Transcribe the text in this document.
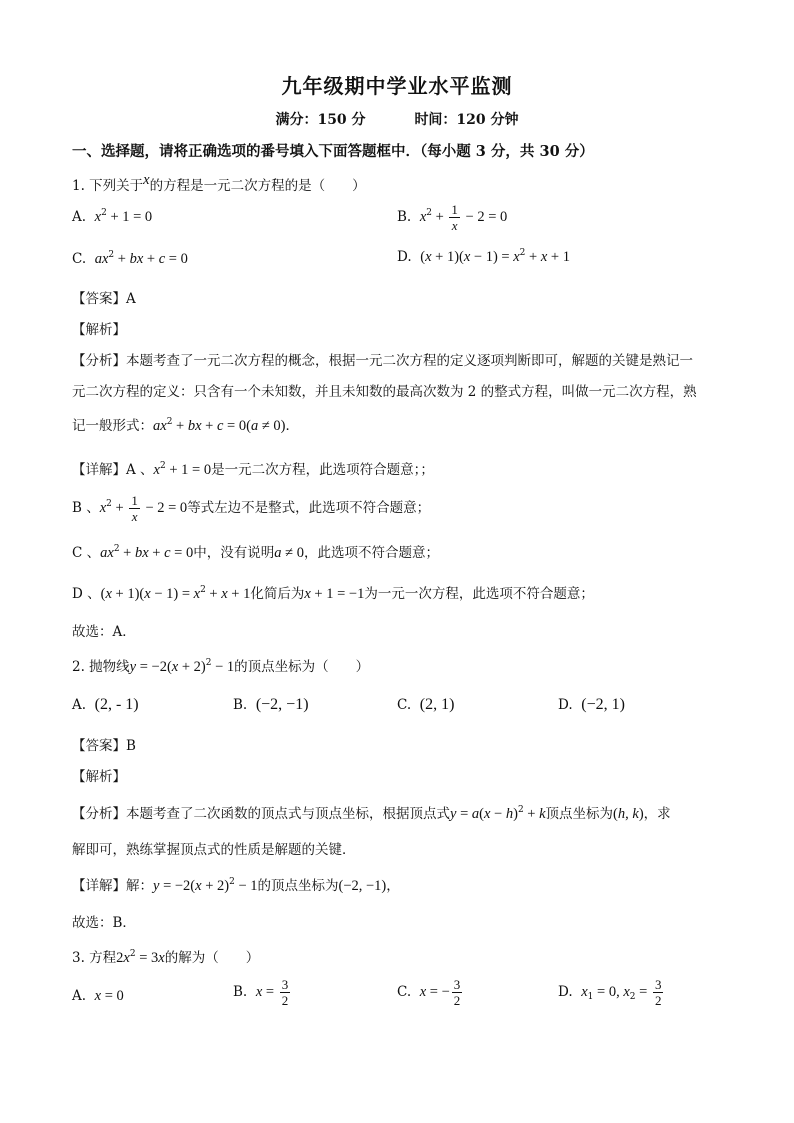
九年级期中学业水平监测
满分：150 分	时间：120 分钟
一、选择题，请将正确选项的番号填入下面答题框中．（每小题 3 分，共 30 分）
1. 下列关于$^x$的方程是一元二次方程的是（　　）
A. $x^2 + 1 = 0$	B. $x^2 + \frac{1}{x} - 2 = 0$
C. $ax^2$ + bx + c = 0	D. $(x + 1)(x - 1) = x^2 + x + 1$
【答案】A
【解析】
【分析】本题考查了一元二次方程的概念，根据一元二次方程的定义逐项判断即可，解题的关键是熟记一
元二次方程的定义：只含有一个未知数，并且未知数的最高次数为 2 的整式方程，叫做一元二次方程，熟
记一般形式：$ax^2$ + bx + c = 0(a ≠ 0)．
【详解】A 、$x^2 + 1 = 0$是一元二次方程，此选项符合题意；；
B 、$x^2 + \frac{1}{x} - 2 = 0$等式左边不是整式，此选项不符合题意；
C 、$ax^2$ + bx + c = 0中，没有说明a ≠ 0，此选项不符合题意；
D 、$(x + 1)(x - 1) = x^2 + x + 1$化简后为x + 1 = −1为一元一次方程，此选项不符合题意；
故选：A．
2. 抛物线$y = -2(x + 2)^2 - 1$的顶点坐标为（　　）
A. (2, - 1)	B. (−2, −1)	C. (2, 1)	D. (−2, 1)
【答案】B
【解析】
【分析】本题考查了二次函数的顶点式与顶点坐标，根据顶点式$y = a(x - h)^2 + k$顶点坐标为(h, k)，求
解即可，熟练掌握顶点式的性质是解题的关键．
【详解】解：$y = -2(x + 2)^2 - 1$的顶点坐标为(−2, −1)，
故选：B．
3. 方程$2x^2 = 3x$的解为（　　）
A. x = 0	B. $x = \frac{3}{2}$	C. x = − $\frac{3}{2}$	D. $x_1 = 0$, $x_2 = \frac{3}{2}$
